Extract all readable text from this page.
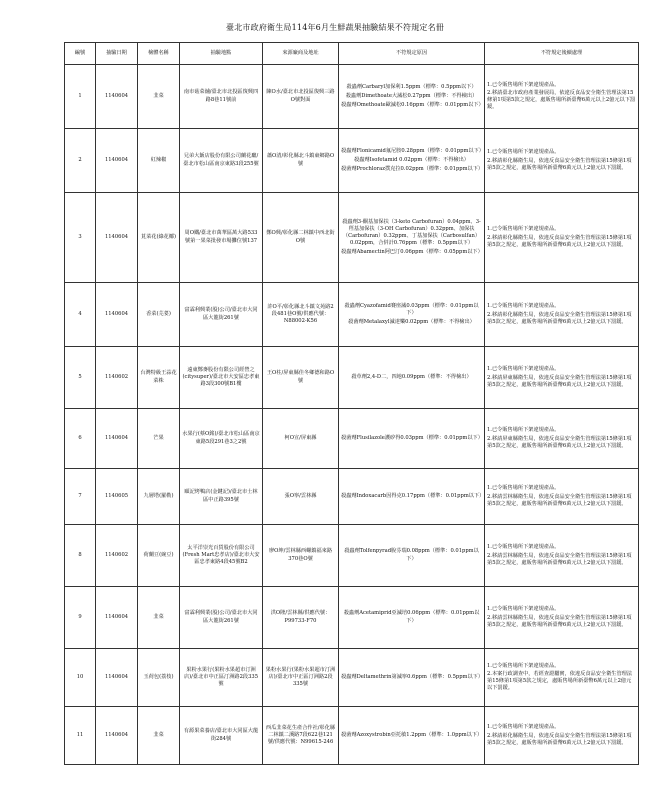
臺北市政府衛生局114年6月生鮮蔬果抽驗結果不符規定名冊
編號	抽驗日期	檢體名稱	抽驗地點	來源廠商及地址	不符規定原因	不符規定後續處理
1	1140604	韭菜	南市菇菜舖/臺北市北投區復興四路8巷11號前	陳O水/臺北市北投區復興三路O號對面	殺蟲劑Carbaryl加保利1.5ppm（標準：0.5ppm以下）
殺蟲劑Dimethoate大滅松0.27ppm（標準：不得檢出）
殺蟲劑Omethoate歐滅松0.16ppm（標準：0.01ppm以下）	1.已令販售場所下架違規產品。
2.移請臺北市政府產業發展局，依違反食品安全衛生管理法第15條第1項第5款之規定，處販售場所新臺幣6萬元以上2億元以下罰鍰。

2	1140604	紅辣椒	兄弟大飯店股份有限公司蘭花廳/臺北市松山區南京東路3段255號	蕭O清/彰化縣北斗鎮東鄉路O號	殺蟲劑Flonicamid氟尼胺0.28ppm（標準：0.01ppm以下）
殺蟲劑Isofetamid 0.02ppm（標準：不得檢出）
殺菌劑Prochloraz撲克拉0.02ppm（標準：0.01ppm以下）	1.已令販售場所下架違規產品。
2.移請彰化縣衛生局，依違反食品安全衛生管理法第15條第1項第5款之規定，處販售場所新臺幣6萬元以上2億元以下罰鍰。

3	1140604	莧菜花(綠花椰)	周O鐵/臺北市萬華區萬大路533號第一果菜批發市場攤位號137	鄭O興/彰化縣二林鎮中西北街O號	殺蟲劑3-酮基加保扶（3-keto Carbofuran）0.04ppm、3-羥基加保扶（3-OH Carbofuran）0.32ppm、加保扶（Carbofuran）0.32ppm、丁基加保扶（Carbosulfan）0.02ppm，合併計0.76ppm（標準：0.5ppm以下）
殺蟲劑Abamectin阿巴汀0.06ppm（標準：0.05ppm以下）	1.已令販售場所下架違規產品。
2.移請彰化縣衛生局，依違反食品安全衛生管理法第15條第1項第5款之規定，處販售場所新臺幣6萬元以上2億元以下罰鍰。

4	1140604	香菜(芫荽)	富霖利興業(股)公司/臺北市大同區大龍街261號	許O平/彰化縣北斗鎮文苑路2段481巷O號/供應代號：N88002-K56	殺蟲劑Cyazofamid賽座滅0.03ppm（標準：0.01ppm以下）
殺菌劑Metalaxyl滅達樂0.02ppm（標準：不得檢出）	1.已令販售場所下架違規產品。
2.移請彰化縣衛生局，依違反食品安全衛生管理法第15條第1項第5款之規定，處販售場所新臺幣6萬元以上2億元以下罰鍰。

5	1140602	台灣特級王蒜花菜株	遠東鄭麥股份有限公司經營之(citysuper)/臺北市大安區忠孝東路3段300號B1樓	王O柱/屏東縣佳冬鄉德和路O號	殺草劑2,4-D二，四地0.09ppm（標準：不得檢出）	1.已令販售場所下架違規產品。
2.移請屏東縣衛生局，依違反食品安全衛生管理法第15條第1項第5款之規定，處販售場所新臺幣6萬元以上2億元以下罰鍰。

6	1140604	芒果	水果行(蔡O銘)/臺北市松山區南京東路5段291巷3之2號	柯O宣/屏東縣	殺菌劑Flusilazole護矽得0.03ppm（標準：0.01ppm以下）	1.已令販售場所下架違規產品。
2.移請屏東縣衛生局，依違反食品安全衛生管理法第15條第1項第5款之規定，處販售場所新臺幣6萬元以上2億元以下罰鍰。

7	1140605	九層塔(羅勒)	頤記烤鴨店(金鍵記)/臺北市士林區中正路395號	張O寧/雲林縣	殺蟲劑Indoxacarb因得克0.17ppm（標準：0.01ppm以下）	1.已令販售場所下架違規產品。
2.移請雲林縣衛生局，依違反食品安全衛生管理法第15條第1項第5款之規定，處販售場所新臺幣6萬元以上2億元以下罰鍰。

8	1140602	荷蘭豆(豌豆)	太平洋崇光百貨股份有限公司(Fresh Mart忠孝店)/臺北市大安區忠孝東路4段45號B2	廖O坤/雲林縣西螺鎮福來路370巷O號	殺蟲劑Tolfenpyrad脫芬瑞0.08ppm（標準：0.01ppm以下）	1.已令販售場所下架違規產品。
2.移請雲林縣衛生局，依違反食品安全衛生管理法第15條第1項第5款之規定，處販售場所新臺幣6萬元以上2億元以下罰鍰。

9	1140604	韭菜	富霖利興業(股)公司/臺北市大同區大龍街261號	洪O隆/雲林縣/供應代號：P99733-F70	殺蟲劑Acetamiprid亞滅培0.06ppm（標準：0.01ppm以下）	1.已令販售場所下架違規產品。
2.移請雲林縣衛生局，依違反食品安全衛生管理法第15條第1項第5款之規定，處販售場所新臺幣6萬元以上2億元以下罰鍰。

10	1140604	玉荷包(荔枝)	果粉水果行(果粉水果超市汀洲店)/臺北市中正區汀洲路2段335號	果粉水果行(果粉水果超市汀洲店)/臺北市中正區汀洲路2段335號	殺蟲劑Deltamethrin第滅寧0.6ppm（標準：0.5ppm以下）	1.已令販售場所下架違規產品。
2.本案行政調查中，若經查證屬實，依違反食品安全衛生管理法第15條第1項第5款之規定，處販售場所新臺幣6萬元以上2億元以下罰鍰。

11	1140604	韭菜	有源果菜養店/臺北市大同區大龍街284號	西瓜韭菜花生產合作社/彰化縣二林鎮二溪路7段622巷121號/供應代號：N99615-246	殺菌劑Azoxystrobin亞托敏1.2ppm（標準：1.0ppm以下）	1.已令販售場所下架違規產品。
2.移請彰化縣衛生局，依違反食品安全衛生管理法第15條第1項第5款之規定，處販售場所新臺幣6萬元以上2億元以下罰鍰。
